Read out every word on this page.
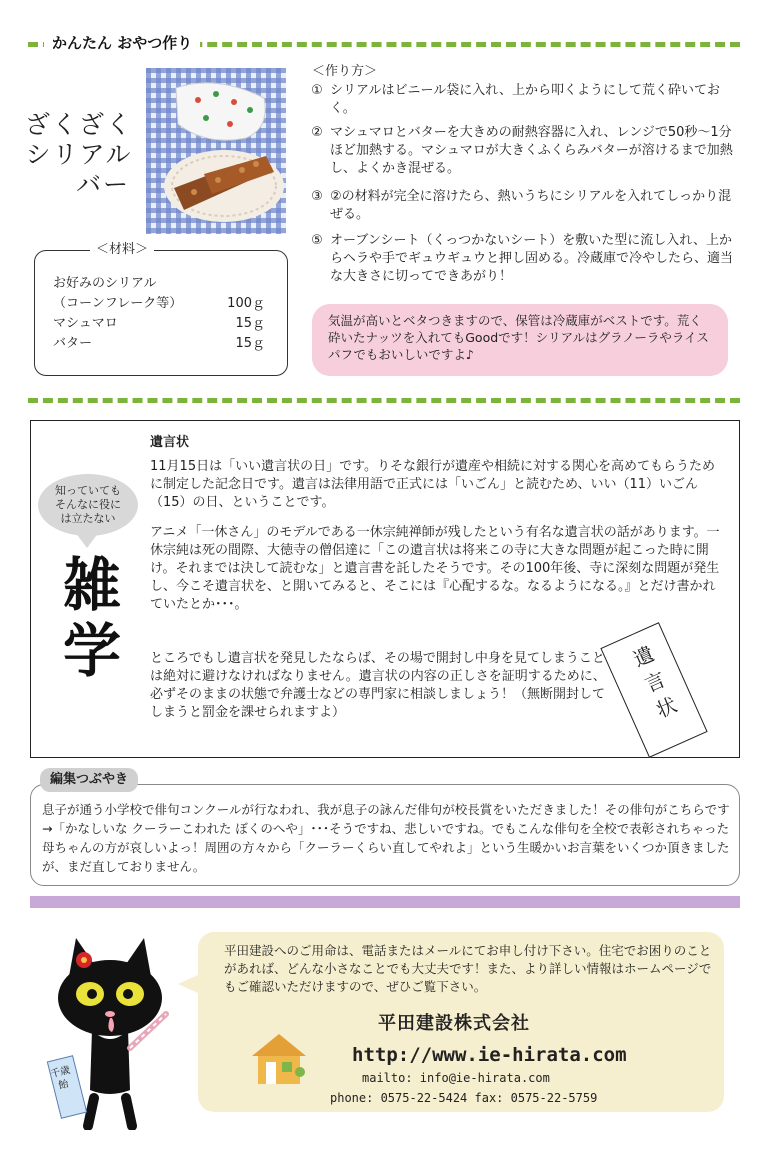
かんたん おやつ作り
ざくざく
シリアル
バー
お好みのシリアル
（コーンフレーク等）	100ｇ
マシュマロ	15ｇ
バター	15ｇ
＜材料＞
＜作り方＞
① シリアルはビニール袋に入れ、上から叩くようにして荒く砕いておく。
② マシュマロとバターを大きめの耐熱容器に入れ、レンジで50秒〜1分ほど加熱する。マシュマロが大きくふくらみバターが溶けるまで加熱し、よくかき混ぜる。
③ ②の材料が完全に溶けたら、熱いうちにシリアルを入れてしっかり混ぜる。
⑤ オーブンシート（くっつかないシート）を敷いた型に流し入れ、上からヘラや手でギュウギュウと押し固める。冷蔵庫で冷やしたら、適当な大きさに切ってできあがり！
気温が高いとベタつきますので、保管は冷蔵庫がベストです。荒く砕いたナッツを入れてもGoodです！シリアルはグラノーラやライスパフでもおいしいですよ♪
知っていても
そんなに役に
は立たない
雑
学
遺言状
11月15日は「いい遺言状の日」です。りそな銀行が遺産や相続に対する関心を高めてもらうために制定した記念日です。遺言は法律用語で正式には「いごん」と読むため、いい（11）いごん（15）の日、ということです。
アニメ「一休さん」のモデルである一休宗純禅師が残したという有名な遺言状の話があります。一休宗純は死の間際、大徳寺の僧侶達に「この遺言状は将来この寺に大きな問題が起こった時に開け。それまでは決して読むな」と遺言書を託したそうです。その100年後、寺に深刻な問題が発生し、今こそ遺言状を、と開いてみると、そこには『心配するな。なるようになる。』とだけ書かれていたとか･･･。
ところでもし遺言状を発見したならば、その場で開封し中身を見てしまうことは絶対に避けなければなりません。遺言状の内容の正しさを証明するために、必ずそのままの状態で弁護士などの専門家に相談しましょう！（無断開封してしまうと罰金を課せられますよ）
遺
言
状
編集つぶやき
息子が通う小学校で俳句コンクールが行なわれ、我が息子の詠んだ俳句が校長賞をいただきました！その俳句がこちらです→「かなしいな クーラーこわれた ぼくのへや」･･･そうですね、悲しいですね。でもこんな俳句を全校で表彰されちゃった母ちゃんの方が哀しいよっ！周囲の方々から「クーラーくらい直してやれよ」という生暖かいお言葉をいくつか頂きましたが、まだ直しておりません。
千歳飴
平田建設へのご用命は、電話またはメールにてお申し付け下さい。住宅でお困りのことがあれば、どんな小さなことでも大丈夫です！また、より詳しい情報はホームページでもご確認いただけますので、ぜひご覧下さい。
平田建設株式会社
http://www.ie-hirata.com
mailto: info@ie-hirata.com
phone: 0575-22-5424 fax: 0575-22-5759
